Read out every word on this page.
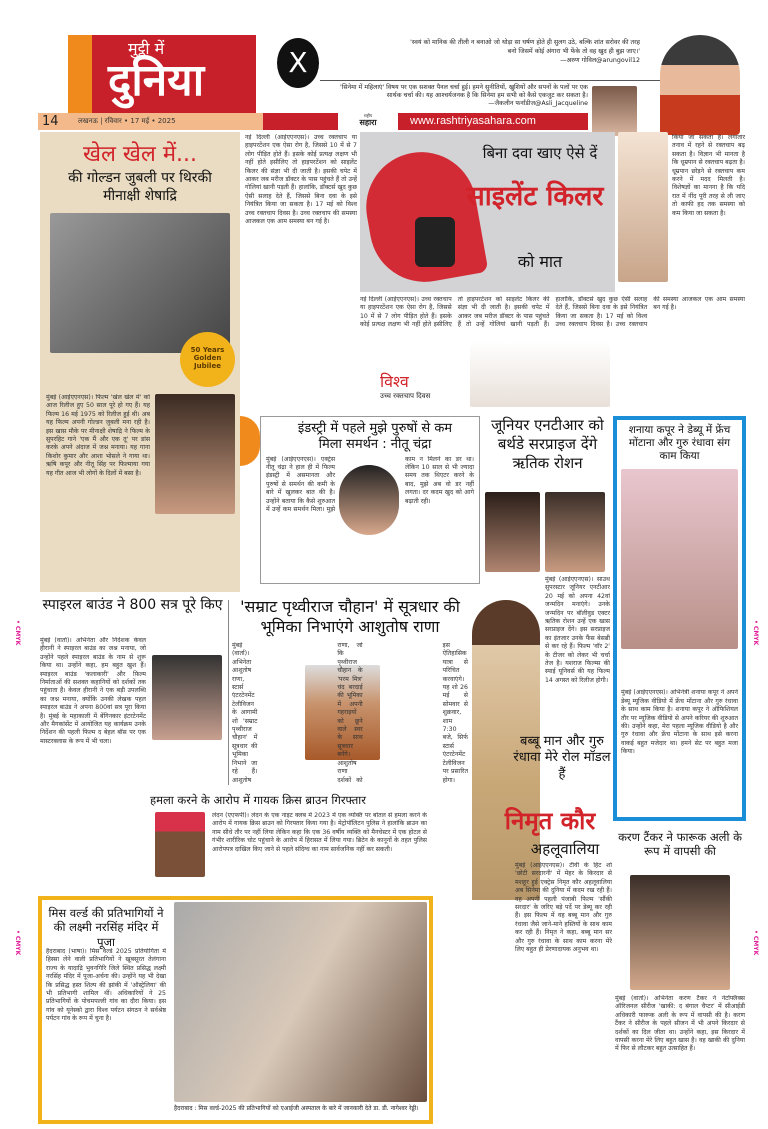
मुट्ठी में
दुनिया	X
'स्वयं को मानिक की तीली न बनाओ जो थोड़ा सा घर्षण होते ही सुलग उठे, बल्कि शांत सरोवर की तरह बनो जिसमें कोई अंगारा भी फेंके तो वह खुद ही बुझ जाए।'
—अरुण गोविल@arungovil12
'सिनेमा में महिलाएं' विषय पर एक सशक्त पैनल चर्चा हुई। हमने सुनीतियों, खुशियों और सपनों के पलों पर एक सार्थक चर्चा की। यह आश्चर्यजनक है कि सिनेमा हम सभी को कैसे एकजुट कर सकता है।
—जैकलीन फर्नांडीज@Asli_Jacqueline
14	लखनऊ | रविवार • 17 मई • 2025
राष्ट्रीय
सहारा	www.rashtriyasahara.com
खेल खेल में...
की गोल्डन जुबली पर थिरकी मीनाक्षी शेषाद्रि
50 Years Golden Jubilee
मुंबई (आईएएनएस)। फिल्म 'खेल खेल में' को आज रिलीज हुए 50 साल पूरे हो गए हैं। यह फिल्म 16 मई 1975 को रिलीज हुई थी। अब यह फिल्म अपनी गोल्डन जुबली मना रही है। इस खास मौके पर मीनाक्षी शेषाद्रि ने फिल्म के सुपरहिट गाने 'एक मैं और एक तू' पर डांस करके अपने अंदाज में जश्न मनाया। यह गाना किशोर कुमार और आशा भोसले ने गाया था। ऋषि कपूर और नीतू सिंह पर फिल्माया गया यह गीत आज भी लोगों के दिलों में बसा है।
नई दिल्ली (आईएएनएस)। उच्च रक्तचाप या हाइपरटेंशन एक ऐसा रोग है, जिससे 10 में से 7 लोग पीड़ित होते हैं। इसके कोई प्रत्यक्ष लक्षण भी नहीं होते इसीलिए तो हाइपरटेंशन को साइलेंट किलर की संज्ञा भी दी जाती है। इसकी चपेट में आकर जब मरीज डॉक्टर के पास पहुंचते हैं तो उन्हें गोलियां खानी पड़ती हैं। हालांकि, डॉक्टर्स खुद कुछ ऐसी सलाह देते हैं, जिससे बिना दवा के इसे नियंत्रित किया जा सकता है। 17 मई को विश्व उच्च रक्तचाप दिवस है। उच्च रक्तचाप की समस्या आजकल एक आम समस्या बन गई है।
बिना दवा खाए ऐसे दें
साइलेंट किलर
को मात
किया जा सकता है। लगातार तनाव में रहने से रक्तचाप बढ़ सकता है। विज्ञान भी मानता है कि धूम्रपान से रक्तचाप बढ़ता है। धूम्रपान छोड़ने से रक्तचाप कम करने में मदद मिलती है। विशेषज्ञों का मानना है कि यदि रात में नींद पूरी तरह से ली जाए तो काफी हद तक समस्या को कम किया जा सकता है।
नई दिल्ली (आईएएनएस)। उच्च रक्तचाप या हाइपरटेंशन एक ऐसा रोग है, जिससे 10 में से 7 लोग पीड़ित होते हैं। इसके कोई प्रत्यक्ष लक्षण भी नहीं होते इसीलिए तो हाइपरटेंशन को साइलेंट किलर की संज्ञा भी दी जाती है। इसकी चपेट में आकर जब मरीज डॉक्टर के पास पहुंचते हैं तो उन्हें गोलियां खानी पड़ती हैं। हालांकि, डॉक्टर्स खुद कुछ ऐसी सलाह देते हैं, जिससे बिना दवा के इसे नियंत्रित किया जा सकता है। 17 मई को विश्व उच्च रक्तचाप दिवस है। उच्च रक्तचाप की समस्या आजकल एक आम समस्या बन गई है।
विश्व
उच्च रक्तचाप दिवस
इंडस्ट्री में पहले मुझे पुरुषों से कम मिला समर्थन : नीतू चंद्रा
मुंबई (आईएएनएस)। एक्ट्रेस नीतू चंद्रा ने हाल ही में फिल्म इंडस्ट्री में असमानता और पुरुषों से समर्थन की कमी के बारे में खुलकर बात की है। उन्होंने बताया कि कैसे शुरुआत में उन्हें कम समर्थन मिला। मुझे काम न मिलने का डर था। लेकिन 10 साल से भी ज्यादा समय तक थिएटर करने के बाद, मुझे अब वो डर नहीं लगता। दर कदम खुद को आगे बढ़ाती रही।
जूनियर एनटीआर को बर्थडे सरप्राइज देंगे ऋतिक रोशन
मुंबई (आईएएनएस)। साउथ सुपरस्टार जूनियर एनटीआर 20 मई को अपना 42वां जन्मदिन मनाएंगे। उनके जन्मदिन पर बॉलीवुड एक्टर ऋतिक रोशन उन्हें एक खास सरप्राइज देंगे। इस सरप्राइज का इंतजार उनके फैंस बेसब्री से कर रहे हैं। फिल्म 'वॉर 2' के टीजर को लेकर भी चर्चा तेज है। यशराज फिल्म्स की स्पाई यूनिवर्स की यह फिल्म 14 अगस्त को रिलीज होगी।
शनाया कपूर ने डेब्यू में फ्रेंच मोंटाना और गुरु रंधावा संग काम किया
मुंबई (आईएएनएस)। अभिनेत्री शनाया कपूर ने अपने डेब्यू म्यूजिक वीडियो में फ्रेंच मोंटाना और गुरु रंधावा के साथ काम किया है। शनाया कपूर ने ऑफिशियल तौर पर म्यूजिक वीडियो से अपने करियर की शुरुआत की। उन्होंने कहा, मेरा पहला म्यूजिक वीडियो है और गुरु रंधावा और फ्रेंच मोंटाना के साथ इसे करना वाकई बहुत मजेदार था। हमने सेट पर बहुत मजा किया।
करण टैंकर ने फारूक अली के रूप में वापसी की
मुंबई (वार्ता)। अभिनेता करण टैंकर ने नेटफ्लिक्स ऑरिजनल सीरीज 'खाकी: द बंगाल चैप्टर' में सीआईडी अधिकारी फारूक अली के रूप में वापसी की है। करण टैंकर ने सीरीज के पहले सीजन में भी अपने किरदार से दर्शकों का दिल जीता था। उन्होंने कहा, इस किरदार में वापसी करना मेरे लिए बहुत खास है। वह खाकी की दुनिया में फिर से लौटकर बहुत उत्साहित हैं।
स्पाइरल बाउंड ने 800 सत्र पूरे किए
मुंबई (वार्ता)। अभिनेता और निर्देशक केवल हीरानी ने स्पाइरल बाउंड का जश्न मनाया, जो उन्होंने पहले स्पाइरल बाउंड के नाम से शुरू किया था। उन्होंने कहा, हम बहुत खुश हैं। स्पाइरल बाउंड 'कलाकारी' और फ़िल्म निर्माताओं की सशक्त कहानियों को दर्शकों तक पहुंचाता है। केवल हीरानी ने एक बड़ी उपलब्धि का जश्न मनाया, क्योंकि उनकी लेखक पहल स्पाइरल बाउंड ने अपना 800वां सत्र पूरा किया है। मुंबई के महाकाली में बेंगिनकार इंटरटेनमेंट और मैगकांसेंट में आयोजित यह कार्यक्रम उनके निर्देशन की पहली फिल्म द बेहल बॉस पर एक मास्टरक्लास के रूप में भी चला।
'सम्राट पृथ्वीराज चौहान' में सूत्रधार की भूमिका निभाएंगे आशुतोष राणा
मुंबई (वार्ता)। अभिनेता आशुतोष राणा, स्टार्स एंटरटेनमेंट टेलीविजन के आगामी शो 'सम्राट पृथ्वीराज चौहान' में सूत्रधार की भूमिका निभाने जा रहे हैं। आशुतोष राणा, जो कि पृथ्वीराज चौहान के 'परम मित्र' चंद बरदाई की भूमिका में अपनी गहराइयों को छूने वाले स्वर के साथ सूत्रधार बनेंगे। आशुतोष राणा दर्शकों को इस ऐतिहासिक यात्रा से परिचित करवाएंगे। यह शो 26 मई से सोमवार से शुक्रवार, शाम 7:30 बजे, सिर्फ स्टार्स एंटरटेनमेंट टेलीविजन पर प्रसारित होगा।
बब्बू मान और गुरु रंधावा मेरे रोल मॉडल हैं
निमृत कौर
अहलूवालिया
मुंबई (आईएएनएस)। टीवी के हिट शो 'छोटी सरदारनी' में मेहर के किरदार से मशहूर हुई एक्ट्रेस निमृत कौर अहलूवालिया अब सिनेमा की दुनिया में कदम रख रही हैं। वह अपनी पहली पंजाबी फिल्म 'सौंकी सरदार' के जरिए बड़े पर्दे पर डेब्यू कर रही हैं। इस फिल्म में वह बब्बू मान और गुरु रंधावा जैसे जाने-माने हस्तियों के साथ काम कर रही हैं। निमृत ने कहा, बब्बू मान सर और गुरु रंधावा के साथ काम करना मेरे लिए बहुत ही प्रेरणादायक अनुभव था।
हमला करने के आरोप में गायक क्रिस ब्राउन गिरफ्तार
लंदन (एएफपी)। लंदन के एक नाइट क्लब में 2023 में एक व्यक्ति पर बोतल से हमला करने के आरोप में गायक क्रिस ब्राउन को गिरफ्तार किया गया है। मेट्रोपॉलिटन पुलिस ने हालांकि ब्राउन का नाम सीधे तौर पर नहीं लिया लेकिन कहा कि एक 36 वर्षीय व्यक्ति को मैनचेस्टर में एक होटल से गंभीर शारीरिक चोट पहुंचाने के आरोप में हिरासत में लिया गया। ब्रिटेन के कानूनों के तहत पुलिस आरोपपत्र दाखिल किए जाने से पहले संदिग्ध का नाम सार्वजनिक नहीं कर सकती।
मिस वर्ल्ड की प्रतिभागियों ने की लक्ष्मी नरसिंह मंदिर में पूजा
हैदराबाद (भाषा)। मिस वर्ल्ड 2025 प्रतियोगिता में हिस्सा लेने वाली प्रतिभागियों ने खूबसूरत तेलंगाना राज्य के यादाद्रि भुवनगिरि जिले स्थित प्रसिद्ध लक्ष्मी नरसिंह मंदिर में पूजा-अर्चना की। उन्होंने यह भी देखा कि प्रसिद्ध हस्त शिल्प की झांकी में 'ऑस्ट्रेलिया' की भी प्रतिभागी शामिल थीं। अधिकारियों ने 25 प्रतिभागियों के पोचमपल्ली गांव का दौरा किया। इस गांव को यूनेस्को द्वारा विश्व पर्यटन संगठन ने सर्वश्रेष्ठ पर्यटन गांव के रूप में चुना है।
हैदराबाद : मिस वर्ल्ड-2025 की प्रतिभागियों को एआईजी अस्पताल के बारे में जानकारी देते डा. डी. नागेश्वर रेड्डी।
• CMYK
• CMYK
• CMYK
• CMYK
